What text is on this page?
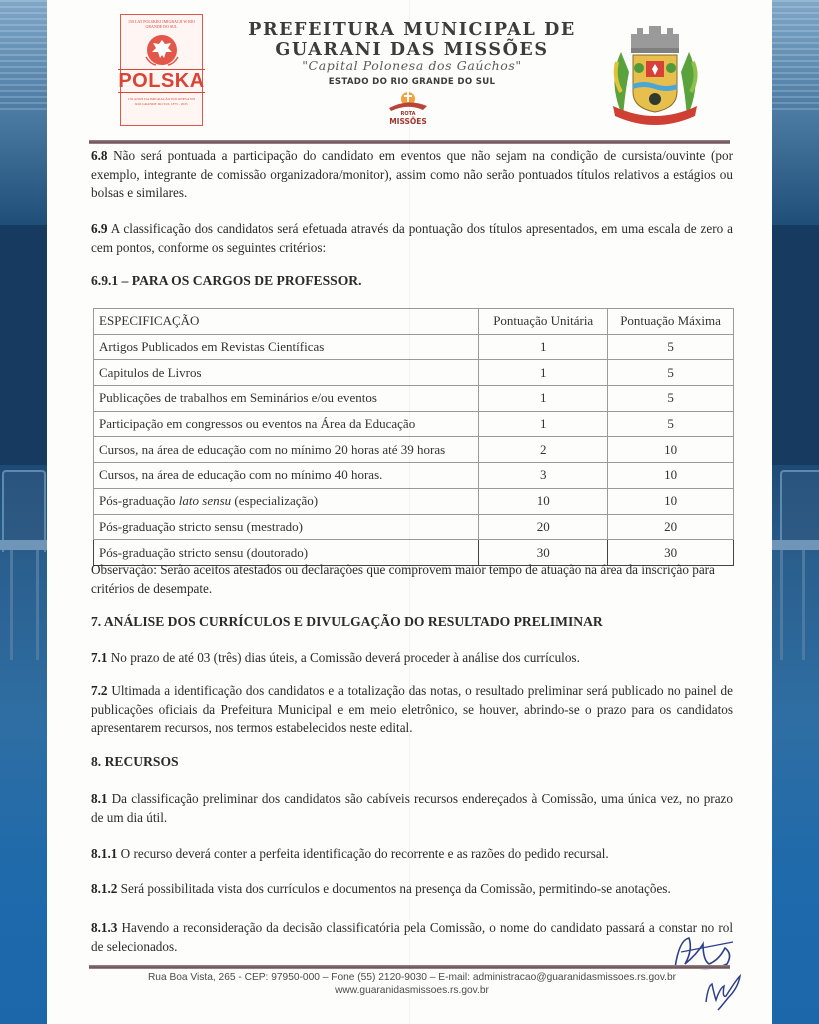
150 LAT POLSKIEJ IMIGRACJI W RIO GRANDE DO SUL
POLSKA
150 ANOS DA IMIGRAÇÃO POLONESA NO RIO GRANDE DO SUL 1875 - 2025
PREFEITURA MUNICIPAL DE
GUARANI DAS MISSÕES
"Capital Polonesa dos Gaúchos"
ESTADO DO RIO GRANDE DO SUL
ROTA
MISSÕES
6.8 Não será pontuada a participação do candidato em eventos que não sejam na condição de cursista/ouvinte (por exemplo, integrante de comissão organizadora/monitor), assim como não serão pontuados títulos relativos a estágios ou bolsas e similares.
6.9 A classificação dos candidatos será efetuada através da pontuação dos títulos apresentados, em uma escala de zero a cem pontos, conforme os seguintes critérios:
6.9.1 – PARA OS CARGOS DE PROFESSOR.
ESPECIFICAÇÃO	Pontuação Unitária	Pontuação Máxima
Artigos Publicados em Revistas Científicas	1	5
Capitulos de Livros	1	5
Publicações de trabalhos em Seminários e/ou eventos	1	5
Participação em congressos ou eventos na Área da Educação	1	5
Cursos, na área de educação com no mínimo 20 horas até 39 horas	2	10
Cursos, na área de educação com no mínimo 40 horas.	3	10
Pós-graduação lato sensu (especialização)	10	10
Pós-graduação stricto sensu (mestrado)	20	20
Pós-graduação stricto sensu (doutorado)	30	30
Observação: Serão aceitos atestados ou declarações que comprovem maior tempo de atuação na área da inscrição para critérios de desempate.
7. ANÁLISE DOS CURRÍCULOS E DIVULGAÇÃO DO RESULTADO PRELIMINAR
7.1 No prazo de até 03 (três) dias úteis, a Comissão deverá proceder à análise dos currículos.
7.2 Ultimada a identificação dos candidatos e a totalização das notas, o resultado preliminar será publicado no painel de publicações oficiais da Prefeitura Municipal e em meio eletrônico, se houver, abrindo-se o prazo para os candidatos apresentarem recursos, nos termos estabelecidos neste edital.
8. RECURSOS
8.1 Da classificação preliminar dos candidatos são cabíveis recursos endereçados à Comissão, uma única vez, no prazo de um dia útil.
8.1.1 O recurso deverá conter a perfeita identificação do recorrente e as razões do pedido recursal.
8.1.2 Será possibilitada vista dos currículos e documentos na presença da Comissão, permitindo-se anotações.
8.1.3 Havendo a reconsideração da decisão classificatória pela Comissão, o nome do candidato passará a constar no rol de selecionados.
Rua Boa Vista, 265 - CEP: 97950-000 – Fone (55) 2120-9030 – E-mail: administracao@guaranidasmissoes.rs.gov.br
www.guaranidasmissoes.rs.gov.br
